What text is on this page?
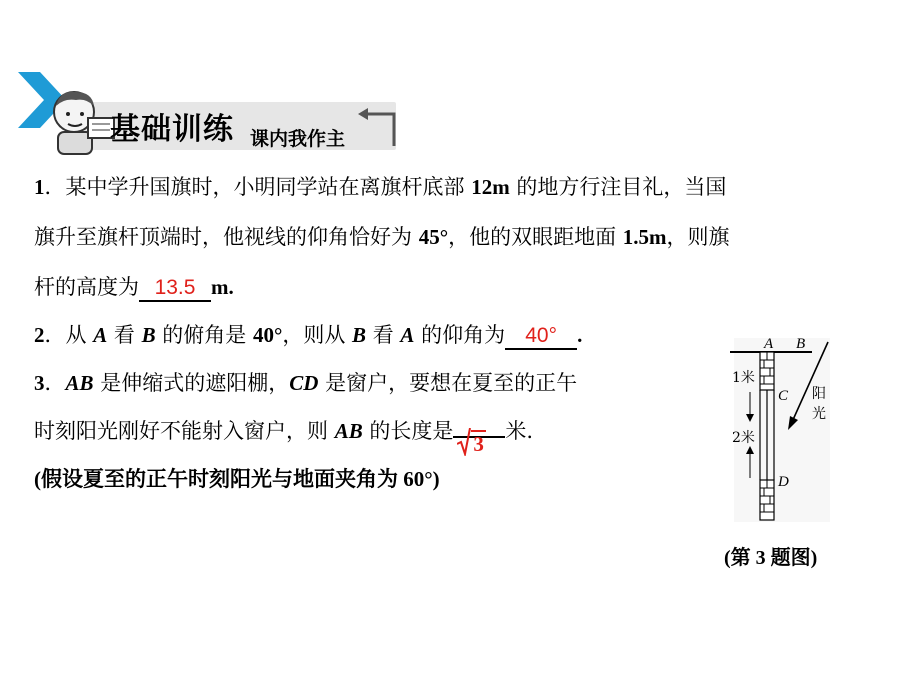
基础训练 课内我作主
1．某中学升国旗时，小明同学站在离旗杆底部 12m 的地方行注目礼，当国
旗升至旗杆顶端时，他视线的仰角恰好为 45°，他的双眼距地面 1.5m，则旗
杆的高度为 13.5 m.
2．从 A 看 B 的俯角是 40°，则从 B 看 A 的仰角为 40° .
3．AB 是伸缩式的遮阳棚，CD 是窗户，要想在夏至的正午
时刻阳光刚好不能射入窗户，则 AB 的长度是
3
米.
(假设夏至的正午时刻阳光与地面夹角为 60°)
A B
C
D
1米
2米
阳
光
(第 3 题图)
